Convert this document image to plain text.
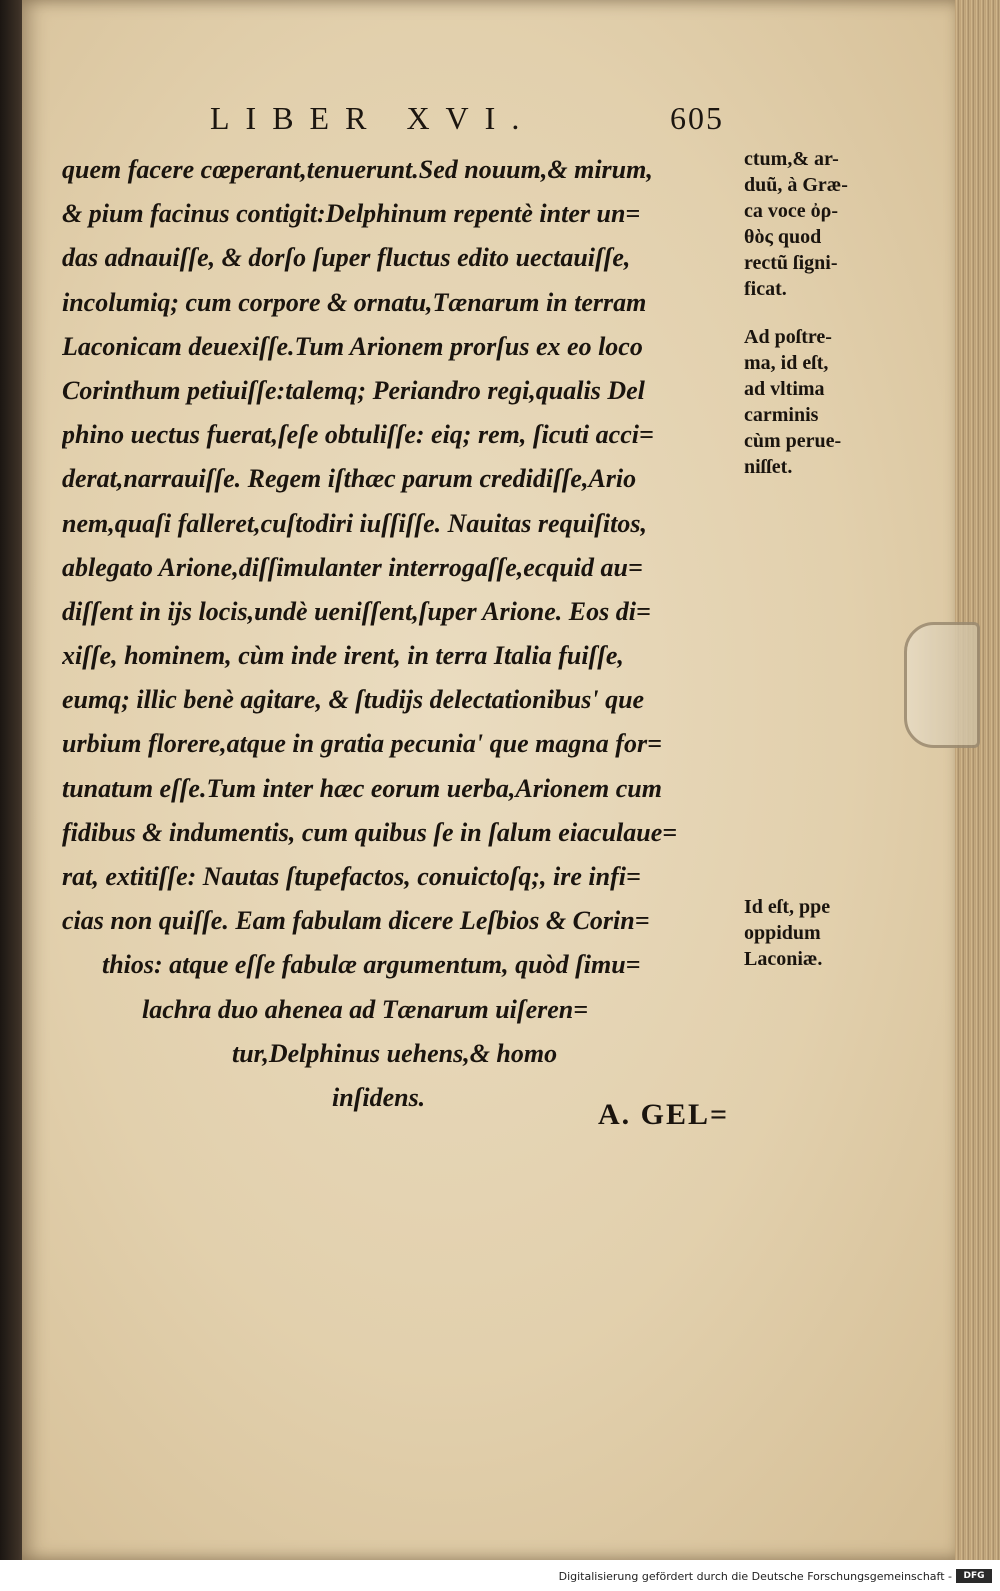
LIBER XVI.	605
quem facere cœperant,tenuerunt.Sed nouum,& mirum,
& pium facinus contigit:Delphinum repentè inter un=
das adnauiſſe, & dorſo ſuper fluctus edito uectauiſſe,
incolumiq; cum corpore & ornatu,Tænarum in terram
Laconicam deuexiſſe.Tum Arionem prorſus ex eo loco
Corinthum petiuiſſe:talemq; Periandro regi,qualis Del
phino uectus fuerat,ſeſe obtuliſſe: eiq; rem, ſicuti acci=
derat,narrauiſſe. Regem iſthæc parum credidiſſe,Ario
nem,quaſi falleret,cuſtodiri iuſſiſſe. Nauitas requiſitos,
ablegato Arione,diſſimulanter interrogaſſe,ecquid au=
diſſent in ijs locis,undè ueniſſent,ſuper Arione. Eos di=
xiſſe, hominem, cùm inde irent, in terra Italia fuiſſe,
eumq; illic benè agitare, & ſtudijs delectationibus' que
urbium florere,atque in gratia pecunia' que magna for=
tunatum eſſe.Tum inter hæc eorum uerba,Arionem cum
fidibus & indumentis, cum quibus ſe in ſalum eiaculaue=
rat, extitiſſe: Nautas ſtupefactos, conuictoſq;, ire infi=
cias non quiſſe. Eam fabulam dicere Leſbios & Corin=
thios: atque eſſe fabulæ argumentum, quòd ſimu=
lachra duo ahenea ad Tænarum uiſeren=
tur,Delphinus uehens,& homo
inſidens.
ctum,& ar-
duũ, à Græ-
ca voce ὀρ-
θὸς quod
rectũ ſigni-
ficat.
Ad poſtre-
ma, id eſt,
ad vltima
carminis
cùm perue-
niſſet.
Id eſt, ppe
oppidum
Laconiæ.
A. GEL=
Digitalisierung gefördert durch die Deutsche Forschungsgemeinschaft -	DFG
